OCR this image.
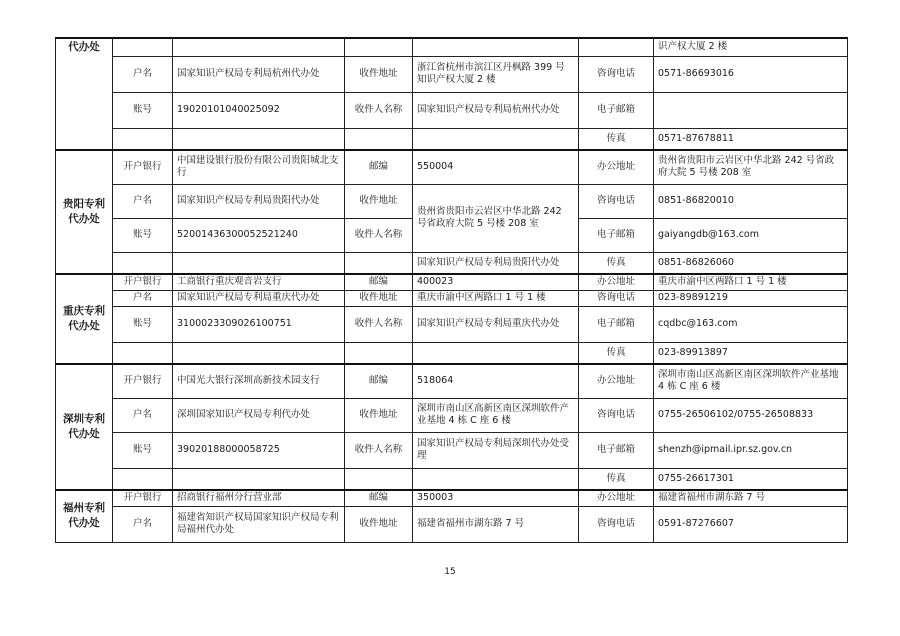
代办处						识产权大厦 2 楼
	户名	国家知识产权局专利局杭州代办处	收件地址	浙江省杭州市滨江区丹枫路 399 号知识产权大厦 2 楼	咨询电话	0571-86693016
	账号	19020101040025092	收件人名称	国家知识产权局专利局杭州代办处	电子邮箱	
					传真	0571-87678811
贵阳专利代办处	开户银行	中国建设银行股份有限公司贵阳城北支行	邮编	550004	办公地址	贵州省贵阳市云岩区中华北路 242 号省政府大院 5 号楼 208 室
	户名	国家知识产权局专利局贵阳代办处	收件地址	贵州省贵阳市云岩区中华北路 242 号省政府大院 5 号楼 208 室	咨询电话	0851-86820010
	账号	52001436300052521240	收件人名称		电子邮箱	gaiyangdb@163.com
				国家知识产权局专利局贵阳代办处	传真	0851-86826060
重庆专利代办处	开户银行	工商银行重庆观音岩支行	邮编	400023	办公地址	重庆市渝中区两路口 1 号 1 楼
	户名	国家知识产权局专利局重庆代办处	收件地址	重庆市渝中区两路口 1 号 1 楼	咨询电话	023-89891219
	账号	3100023309026100751	收件人名称	国家知识产权局专利局重庆代办处	电子邮箱	cqdbc@163.com
					传真	023-89913897
深圳专利代办处	开户银行	中国光大银行深圳高新技术园支行	邮编	518064	办公地址	深圳市南山区高新区南区深圳软件产业基地 4 栋 C 座 6 楼
	户名	深圳国家知识产权局专利代办处	收件地址	深圳市南山区高新区南区深圳软件产业基地 4 栋 C 座 6 楼	咨询电话	0755-26506102/0755-26508833
	账号	39020188000058725	收件人名称	国家知识产权局专利局深圳代办处受理	电子邮箱	shenzh@ipmail.ipr.sz.gov.cn
					传真	0755-26617301
福州专利代办处	开户银行	招商银行福州分行营业部	邮编	350003	办公地址	福建省福州市湖东路 7 号
	户名	福建省知识产权局国家知识产权局专利局福州代办处	收件地址	福建省福州市湖东路 7 号	咨询电话	0591-87276607
15
